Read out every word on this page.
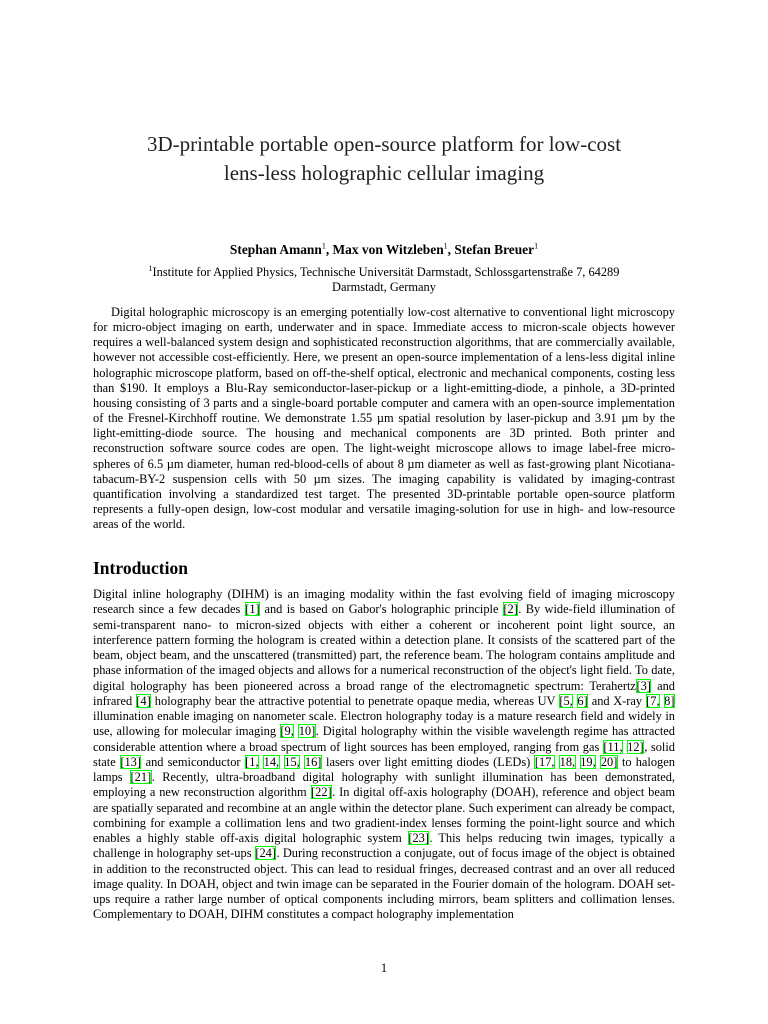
3D-printable portable open-source platform for low-cost
lens-less holographic cellular imaging
Stephan Amann$^1$, Max von Witzleben$^1$, Stefan Breuer$^1$
$^1$Institute for Applied Physics, Technische Universität Darmstadt, Schlossgartenstraße 7, 64289
Darmstadt, Germany
Digital holographic microscopy is an emerging potentially low-cost alternative to conventional light microscopy for micro-object imaging on earth, underwater and in space. Immediate access to micron-scale objects however requires a well-balanced system design and sophisticated reconstruction algorithms, that are commercially available, however not accessible cost-efficiently. Here, we present an open-source implementation of a lens-less digital inline holographic microscope platform, based on off-the-shelf optical, electronic and mechanical components, costing less than $190. It employs a Blu-Ray semiconductor-laser-pickup or a light-emitting-diode, a pinhole, a 3D-printed housing consisting of 3 parts and a single-board portable computer and camera with an open-source implementation of the Fresnel-Kirchhoff routine. We demonstrate 1.55 µm spatial resolution by laser-pickup and 3.91 µm by the light-emitting-diode source. The housing and mechanical components are 3D printed. Both printer and reconstruction software source codes are open. The light-weight microscope allows to image label-free micro-spheres of 6.5 µm diameter, human red-blood-cells of about 8 µm diameter as well as fast-growing plant Nicotiana-tabacum-BY-2 suspension cells with 50 µm sizes. The imaging capability is validated by imaging-contrast quantification involving a standardized test target. The presented 3D-printable portable open-source platform represents a fully-open design, low-cost modular and versatile imaging-solution for use in high- and low-resource areas of the world.
Introduction
Digital inline holography (DIHM) is an imaging modality within the fast evolving field of imaging microscopy research since a few decades [1] and is based on Gabor's holographic principle [2]. By wide-field illumination of semi-transparent nano- to micron-sized objects with either a coherent or incoherent point light source, an interference pattern forming the hologram is created within a detection plane. It consists of the scattered part of the beam, object beam, and the unscattered (transmitted) part, the reference beam. The hologram contains amplitude and phase information of the imaged objects and allows for a numerical reconstruction of the object's light field. To date, digital holography has been pioneered across a broad range of the electromagnetic spectrum: Terahertz[3] and infrared [4] holography bear the attractive potential to penetrate opaque media, whereas UV [5, 6] and X-ray [7, 8] illumination enable imaging on nanometer scale. Electron holography today is a mature research field and widely in use, allowing for molecular imaging [9, 10]. Digital holography within the visible wavelength regime has attracted considerable attention where a broad spectrum of light sources has been employed, ranging from gas [11, 12], solid state [13] and semiconductor [1, 14, 15, 16] lasers over light emitting diodes (LEDs) [17, 18, 19, 20] to halogen lamps [21]. Recently, ultra-broadband digital holography with sunlight illumination has been demonstrated, employing a new reconstruction algorithm [22]. In digital off-axis holography (DOAH), reference and object beam are spatially separated and recombine at an angle within the detector plane. Such experiment can already be compact, combining for example a collimation lens and two gradient-index lenses forming the point-light source and which enables a highly stable off-axis digital holographic system [23]. This helps reducing twin images, typically a challenge in holography set-ups [24]. During reconstruction a conjugate, out of focus image of the object is obtained in addition to the reconstructed object. This can lead to residual fringes, decreased contrast and an over all reduced image quality. In DOAH, object and twin image can be separated in the Fourier domain of the hologram. DOAH set-ups require a rather large number of optical components including mirrors, beam splitters and collimation lenses. Complementary to DOAH, DIHM constitutes a compact holography implementation
1
